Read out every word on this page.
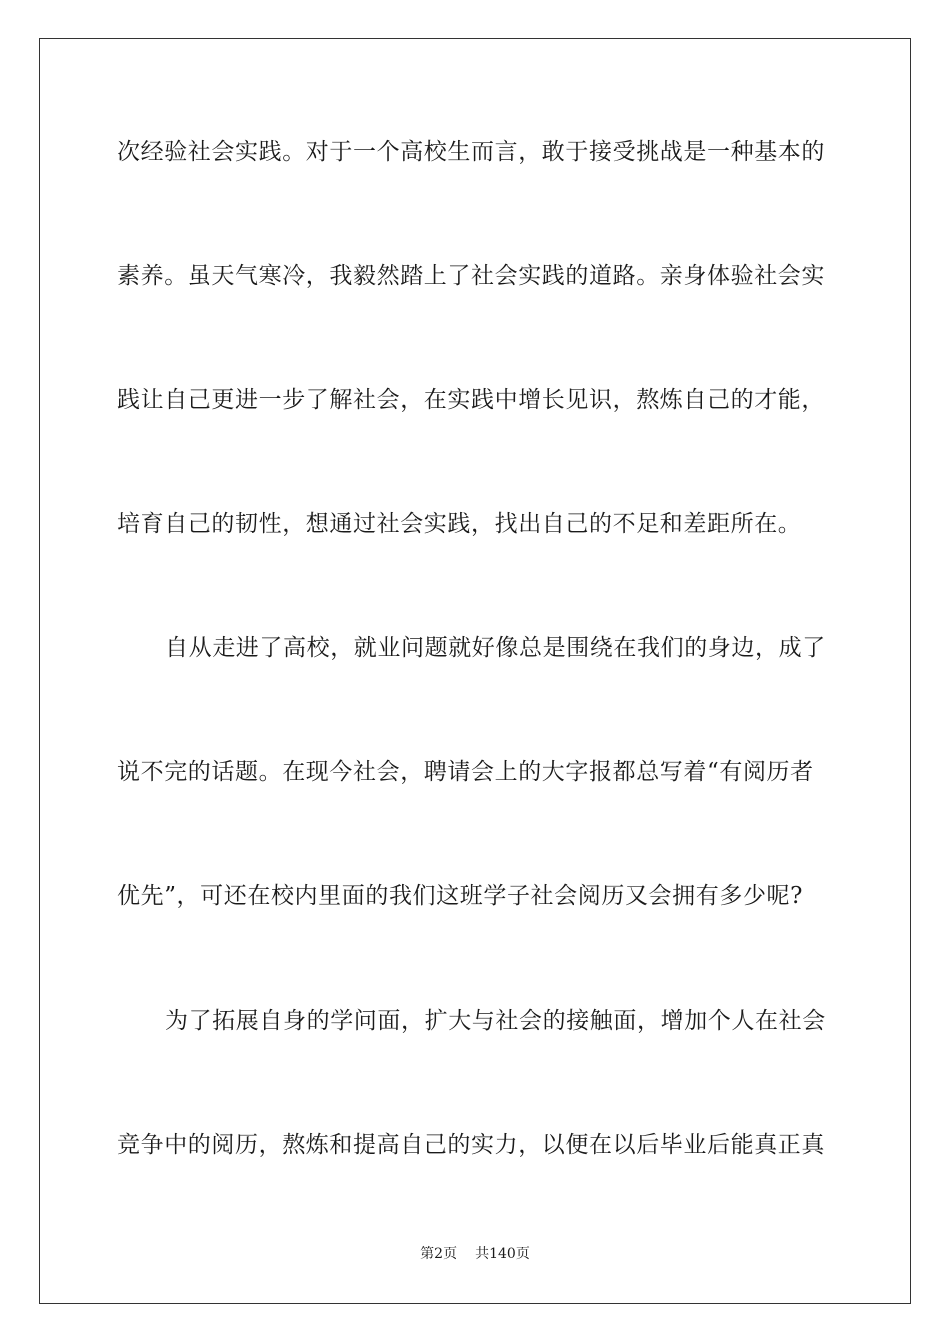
次经验社会实践。对于一个高校生而言，敢于接受挑战是一种基本的
素养。虽天气寒冷，我毅然踏上了社会实践的道路。亲身体验社会实
践让自己更进一步了解社会，在实践中增长见识，熬炼自己的才能，
培育自己的韧性，想通过社会实践，找出自己的不足和差距所在。
自从走进了高校，就业问题就好像总是围绕在我们的身边，成了
说不完的话题。在现今社会，聘请会上的大字报都总写着“有阅历者
优先”，可还在校内里面的我们这班学子社会阅历又会拥有多少呢?
为了拓展自身的学问面，扩大与社会的接触面，增加个人在社会
竞争中的阅历，熬炼和提高自己的实力，以便在以后毕业后能真正真
第2页 共140页
